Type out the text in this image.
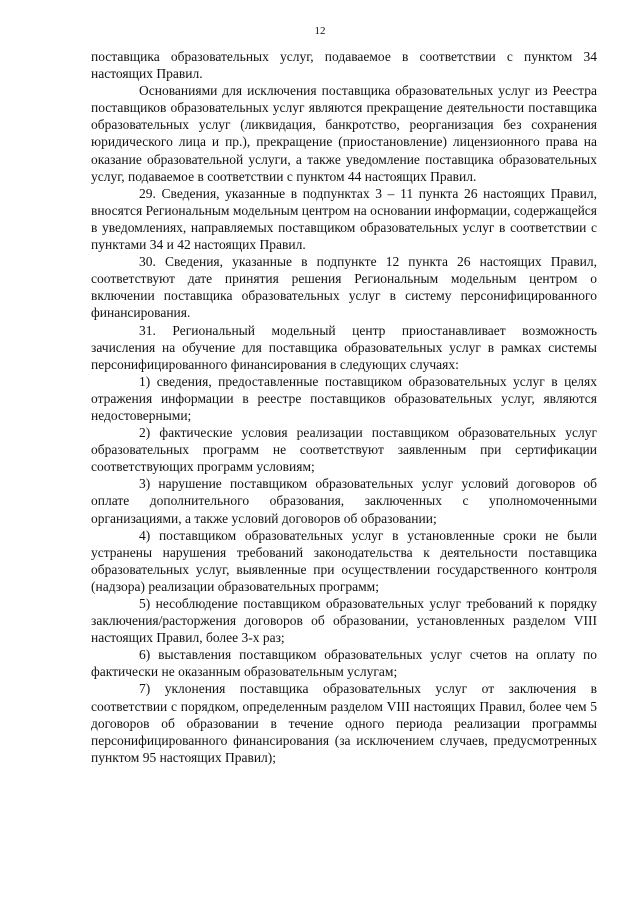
12

поставщика образовательных услуг, подаваемое в соответствии с пунктом 34 настоящих Правил.

Основаниями для исключения поставщика образовательных услуг из Реестра поставщиков образовательных услуг являются прекращение деятельности поставщика образовательных услуг (ликвидация, банкротство, реорганизация без сохранения юридического лица и пр.), прекращение (приостановление) лицензионного права на оказание образовательной услуги, а также уведомление поставщика образовательных услуг, подаваемое в соответствии с пунктом 44 настоящих Правил.

29. Сведения, указанные в подпунктах 3 – 11 пункта 26 настоящих Правил, вносятся Региональным модельным центром на основании информации, содержащейся в уведомлениях, направляемых поставщиком образовательных услуг в соответствии с пунктами 34 и 42 настоящих Правил.

30. Сведения, указанные в подпункте 12 пункта 26 настоящих Правил, соответствуют дате принятия решения Региональным модельным центром о включении поставщика образовательных услуг в систему персонифицированного финансирования.

31. Региональный модельный центр приостанавливает возможность зачисления на обучение для поставщика образовательных услуг в рамках системы персонифицированного финансирования в следующих случаях:

1) сведения, предоставленные поставщиком образовательных услуг в целях отражения информации в реестре поставщиков образовательных услуг, являются недостоверными;

2) фактические условия реализации поставщиком образовательных услуг образовательных программ не соответствуют заявленным при сертификации соответствующих программ условиям;

3) нарушение поставщиком образовательных услуг условий договоров об оплате дополнительного образования, заключенных с уполномоченными организациями, а также условий договоров об образовании;

4) поставщиком образовательных услуг в установленные сроки не были устранены нарушения требований законодательства к деятельности поставщика образовательных услуг, выявленные при осуществлении государственного контроля (надзора) реализации образовательных программ;

5) несоблюдение поставщиком образовательных услуг требований к порядку заключения/расторжения договоров об образовании, установленных разделом VIII настоящих Правил, более 3-х раз;

6) выставления поставщиком образовательных услуг счетов на оплату по фактически не оказанным образовательным услугам;

7) уклонения поставщика образовательных услуг от заключения в соответствии с порядком, определенным разделом VIII настоящих Правил, более чем 5 договоров об образовании в течение одного периода реализации программы персонифицированного финансирования (за исключением случаев, предусмотренных пунктом 95 настоящих Правил);
